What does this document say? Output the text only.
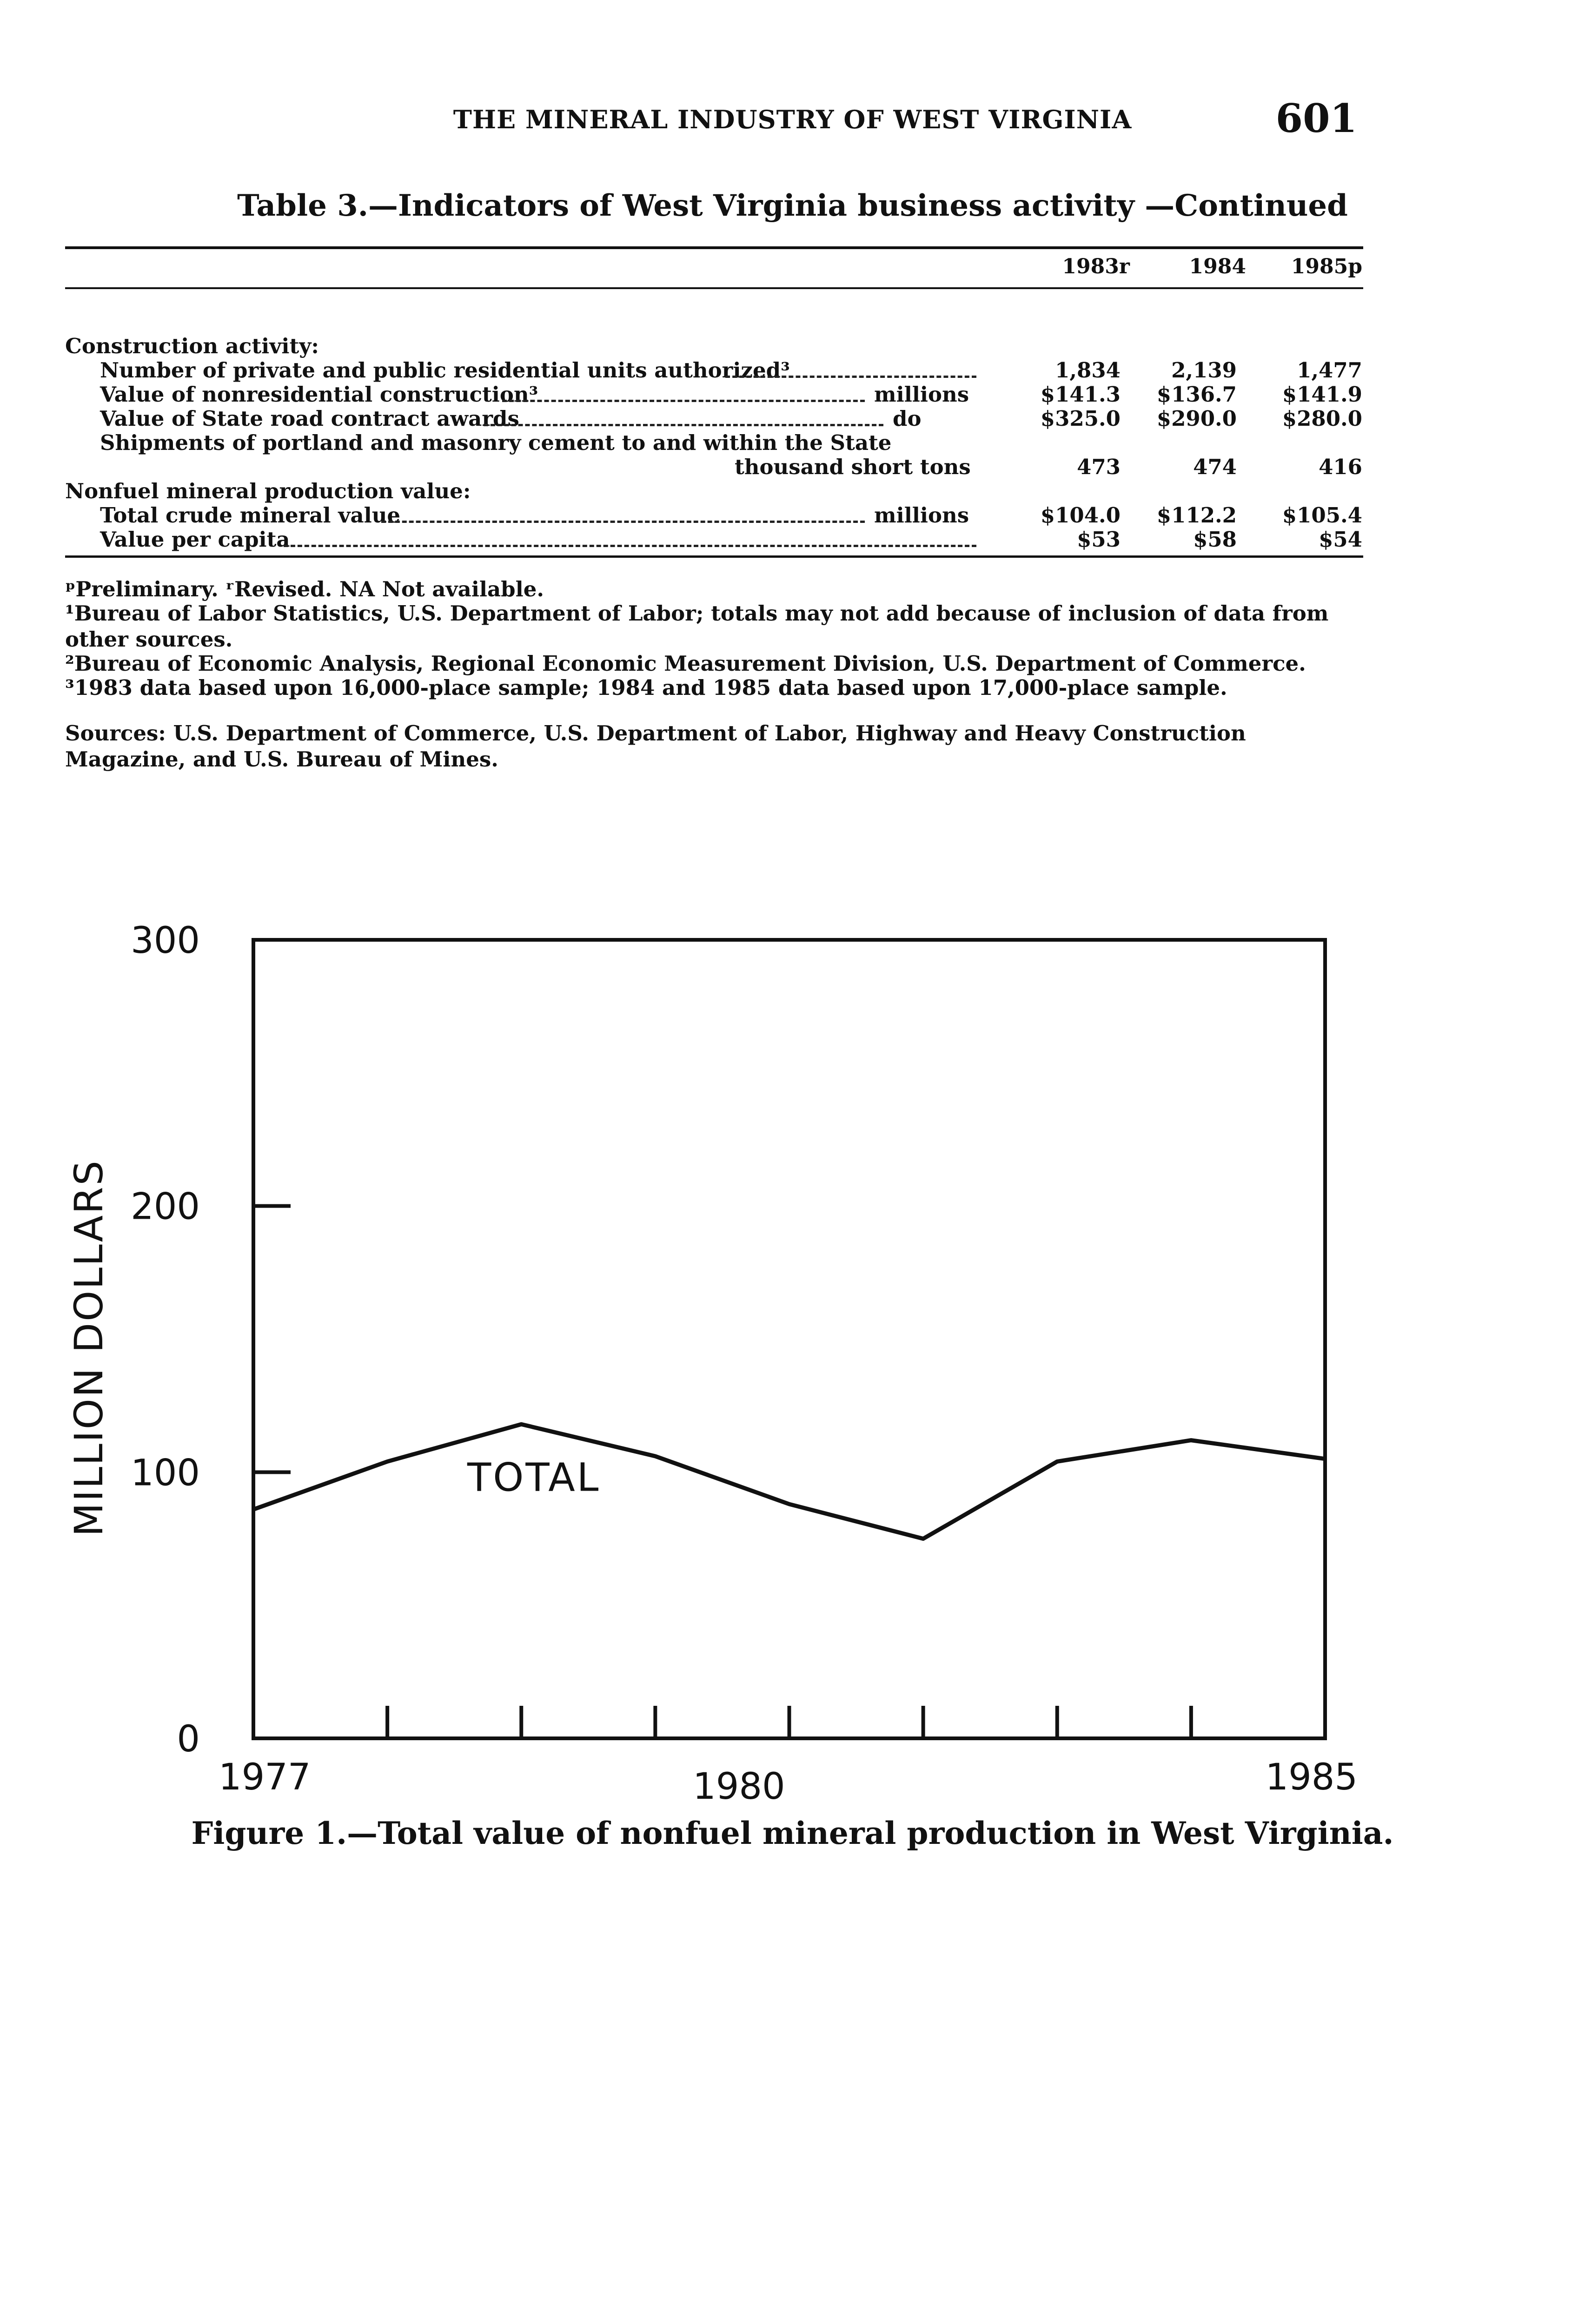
THE MINERAL INDUSTRY OF WEST VIRGINIA	601
Table 3.—Indicators of West Virginia business activity —Continued
1983r	1984	1985p
Construction activity:
Number of private and public residential units authorized³	1,834	2,139	1,477
Value of nonresidential construction³	millions	$141.3	$136.7	$141.9
Value of State road contract awards	do	$325.0	$290.0	$280.0
Shipments of portland and masonry cement to and within the State
thousand short tons	473	474	416
Nonfuel mineral production value:
Total crude mineral value	millions	$104.0	$112.2	$105.4
Value per capita	$53	$58	$54
ᵖPreliminary. ʳRevised. NA Not available.
¹Bureau of Labor Statistics, U.S. Department of Labor; totals may not add because of inclusion of data from other sources.
²Bureau of Economic Analysis, Regional Economic Measurement Division, U.S. Department of Commerce.
³1983 data based upon 16,000-place sample; 1984 and 1985 data based upon 17,000-place sample.
Sources: U.S. Department of Commerce, U.S. Department of Labor, Highway and Heavy Construction Magazine, and U.S. Bureau of Mines.
0
100
200
300
1977	1980	1985
TOTAL
MILLION DOLLARS
Figure 1.—Total value of nonfuel mineral production in West Virginia.
